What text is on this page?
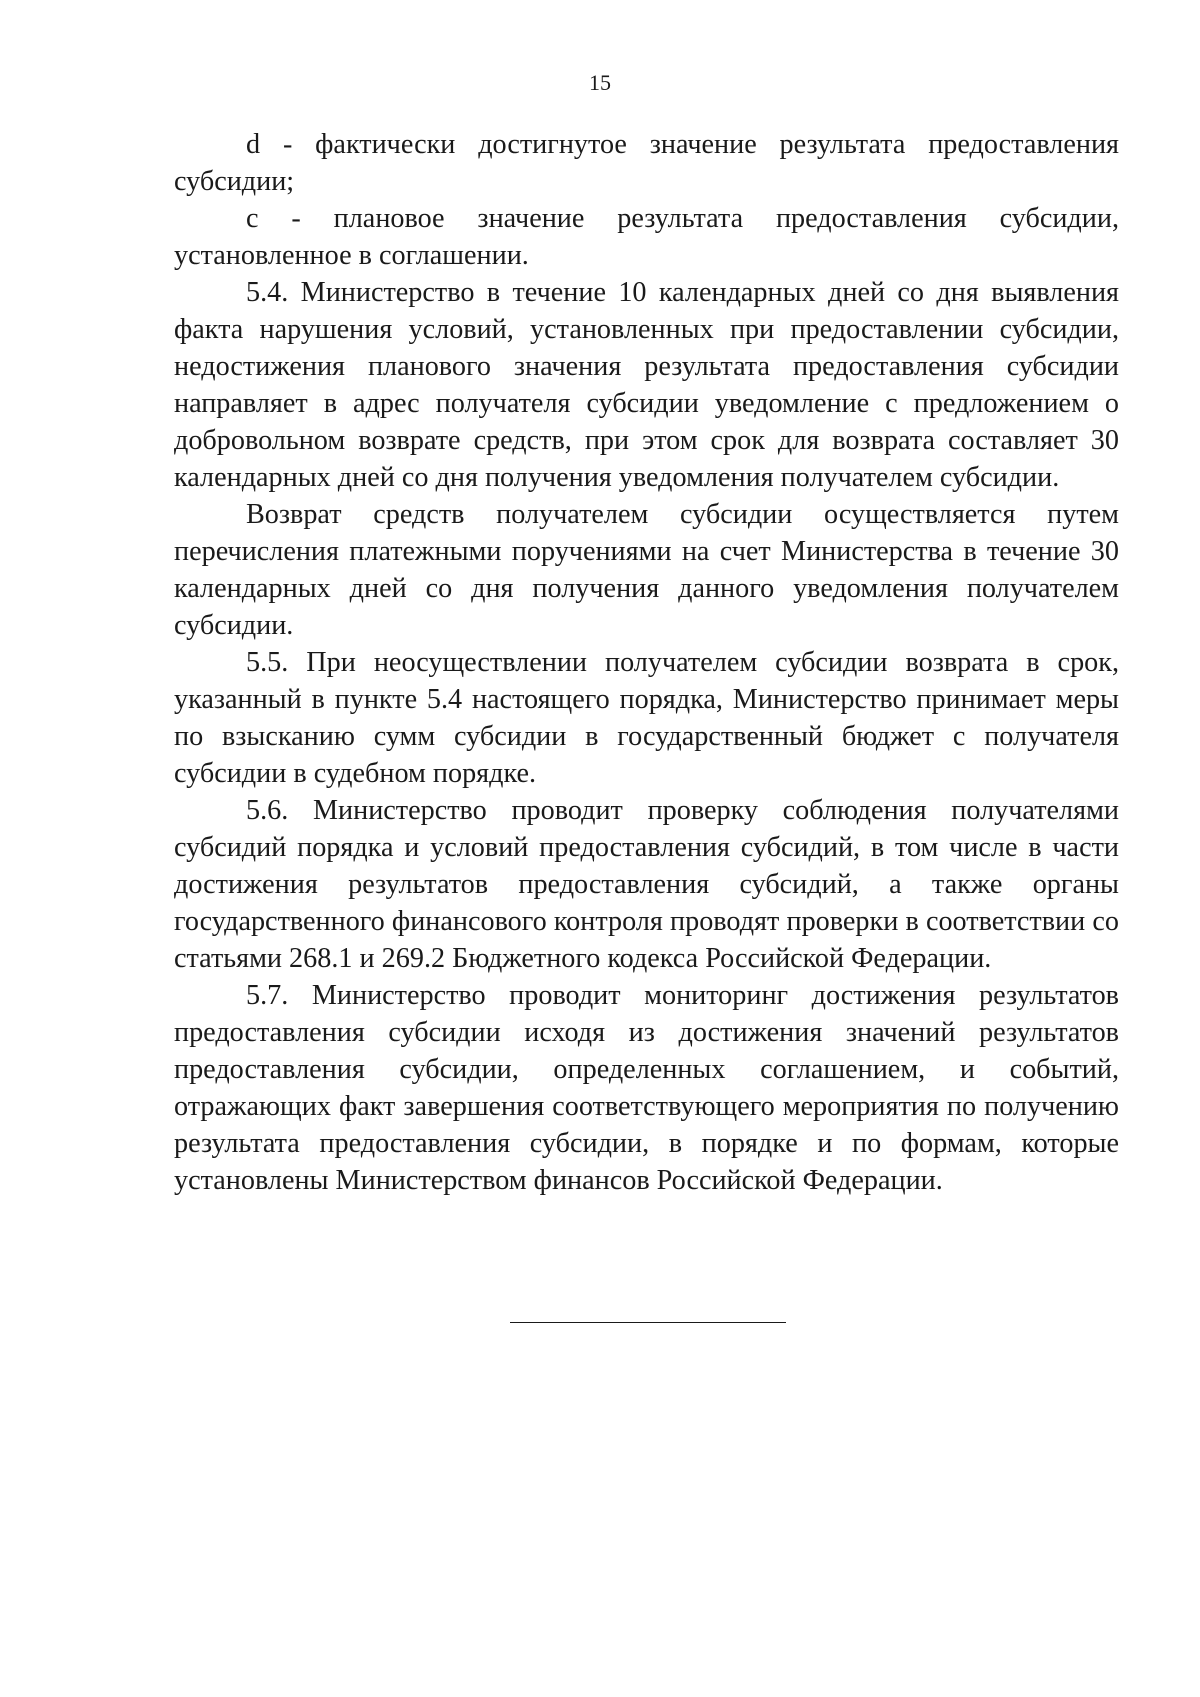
15

d - фактически достигнутое значение результата предоставления субсидии;

c - плановое значение результата предоставления субсидии, установленное в соглашении.

5.4. Министерство в течение 10 календарных дней со дня выявления факта нарушения условий, установленных при предоставлении субсидии, недостижения планового значения результата предоставления субсидии направляет в адрес получателя субсидии уведомление с предложением о добровольном возврате средств, при этом срок для возврата составляет 30 календарных дней со дня получения уведомления получателем субсидии.

Возврат средств получателем субсидии осуществляется путем перечисления платежными поручениями на счет Министерства в течение 30 календарных дней со дня получения данного уведомления получателем субсидии.

5.5. При неосуществлении получателем субсидии возврата в срок, указанный в пункте 5.4 настоящего порядка, Министерство принимает меры по взысканию сумм субсидии в государственный бюджет с получателя субсидии в судебном порядке.

5.6. Министерство проводит проверку соблюдения получателями субсидий порядка и условий предоставления субсидий, в том числе в части достижения результатов предоставления субсидий, а также органы государственного финансового контроля проводят проверки в соответствии со статьями 268.1 и 269.2 Бюджетного кодекса Российской Федерации.

5.7. Министерство проводит мониторинг достижения результатов предоставления субсидии исходя из достижения значений результатов предоставления субсидии, определенных соглашением, и событий, отражающих факт завершения соответствующего мероприятия по получению результата предоставления субсидии, в порядке и по формам, которые установлены Министерством финансов Российской Федерации.
